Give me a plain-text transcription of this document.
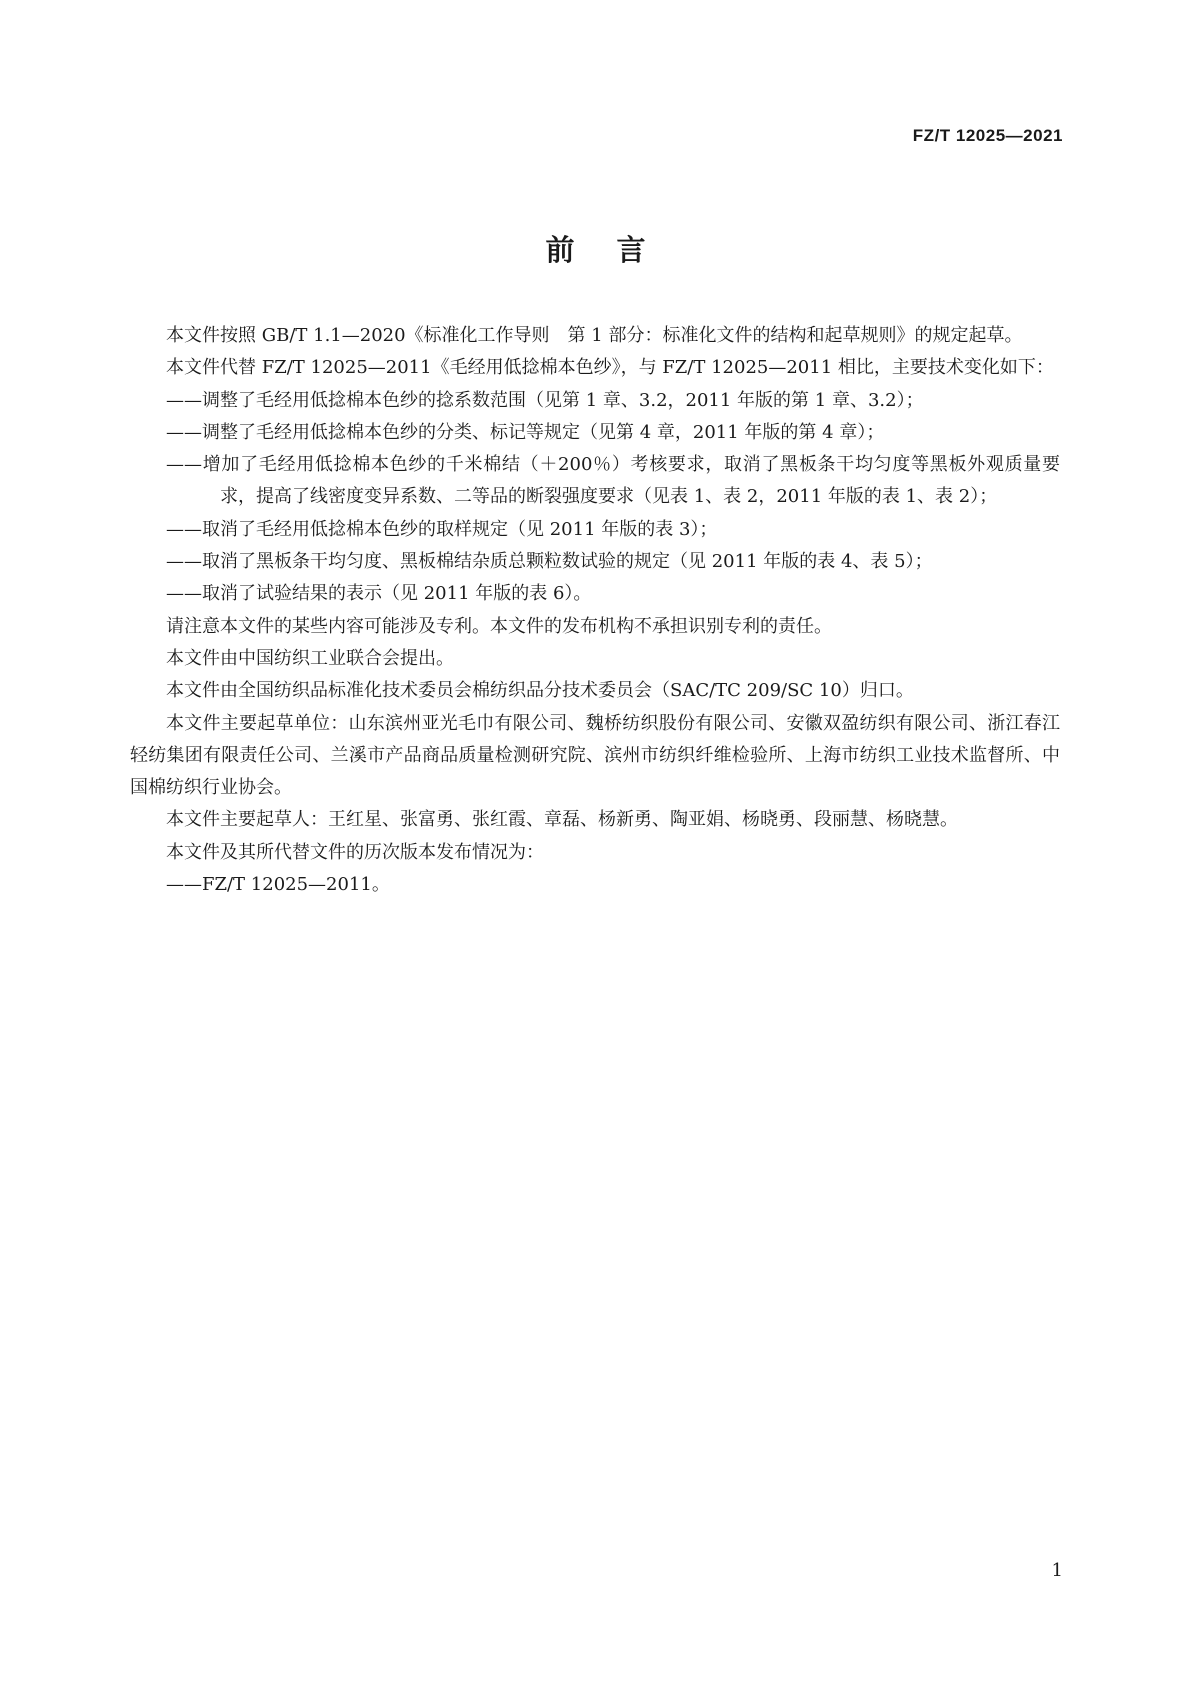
FZ/T 12025—2021
前言

本文件按照 GB/T 1.1—2020《标准化工作导则　第 1 部分：标准化文件的结构和起草规则》的规定起草。

本文件代替 FZ/T 12025—2011《毛经用低捻棉本色纱》，与 FZ/T 12025—2011 相比，主要技术变化如下：

——调整了毛经用低捻棉本色纱的捻系数范围（见第 1 章、3.2，2011 年版的第 1 章、3.2）；

——调整了毛经用低捻棉本色纱的分类、标记等规定（见第 4 章，2011 年版的第 4 章）；

——增加了毛经用低捻棉本色纱的千米棉结（＋200％）考核要求，取消了黑板条干均匀度等黑板外观质量要求，提高了线密度变异系数、二等品的断裂强度要求（见表 1、表 2，2011 年版的表 1、表 2）；

——取消了毛经用低捻棉本色纱的取样规定（见 2011 年版的表 3）；

——取消了黑板条干均匀度、黑板棉结杂质总颗粒数试验的规定（见 2011 年版的表 4、表 5）；

——取消了试验结果的表示（见 2011 年版的表 6）。

请注意本文件的某些内容可能涉及专利。本文件的发布机构不承担识别专利的责任。

本文件由中国纺织工业联合会提出。

本文件由全国纺织品标准化技术委员会棉纺织品分技术委员会（SAC/TC 209/SC 10）归口。

本文件主要起草单位：山东滨州亚光毛巾有限公司、魏桥纺织股份有限公司、安徽双盈纺织有限公司、浙江春江轻纺集团有限责任公司、兰溪市产品商品质量检测研究院、滨州市纺织纤维检验所、上海市纺织工业技术监督所、中国棉纺织行业协会。

本文件主要起草人：王红星、张富勇、张红霞、章磊、杨新勇、陶亚娟、杨晓勇、段丽慧、杨晓慧。

本文件及其所代替文件的历次版本发布情况为：

——FZ/T 12025—2011。

1
